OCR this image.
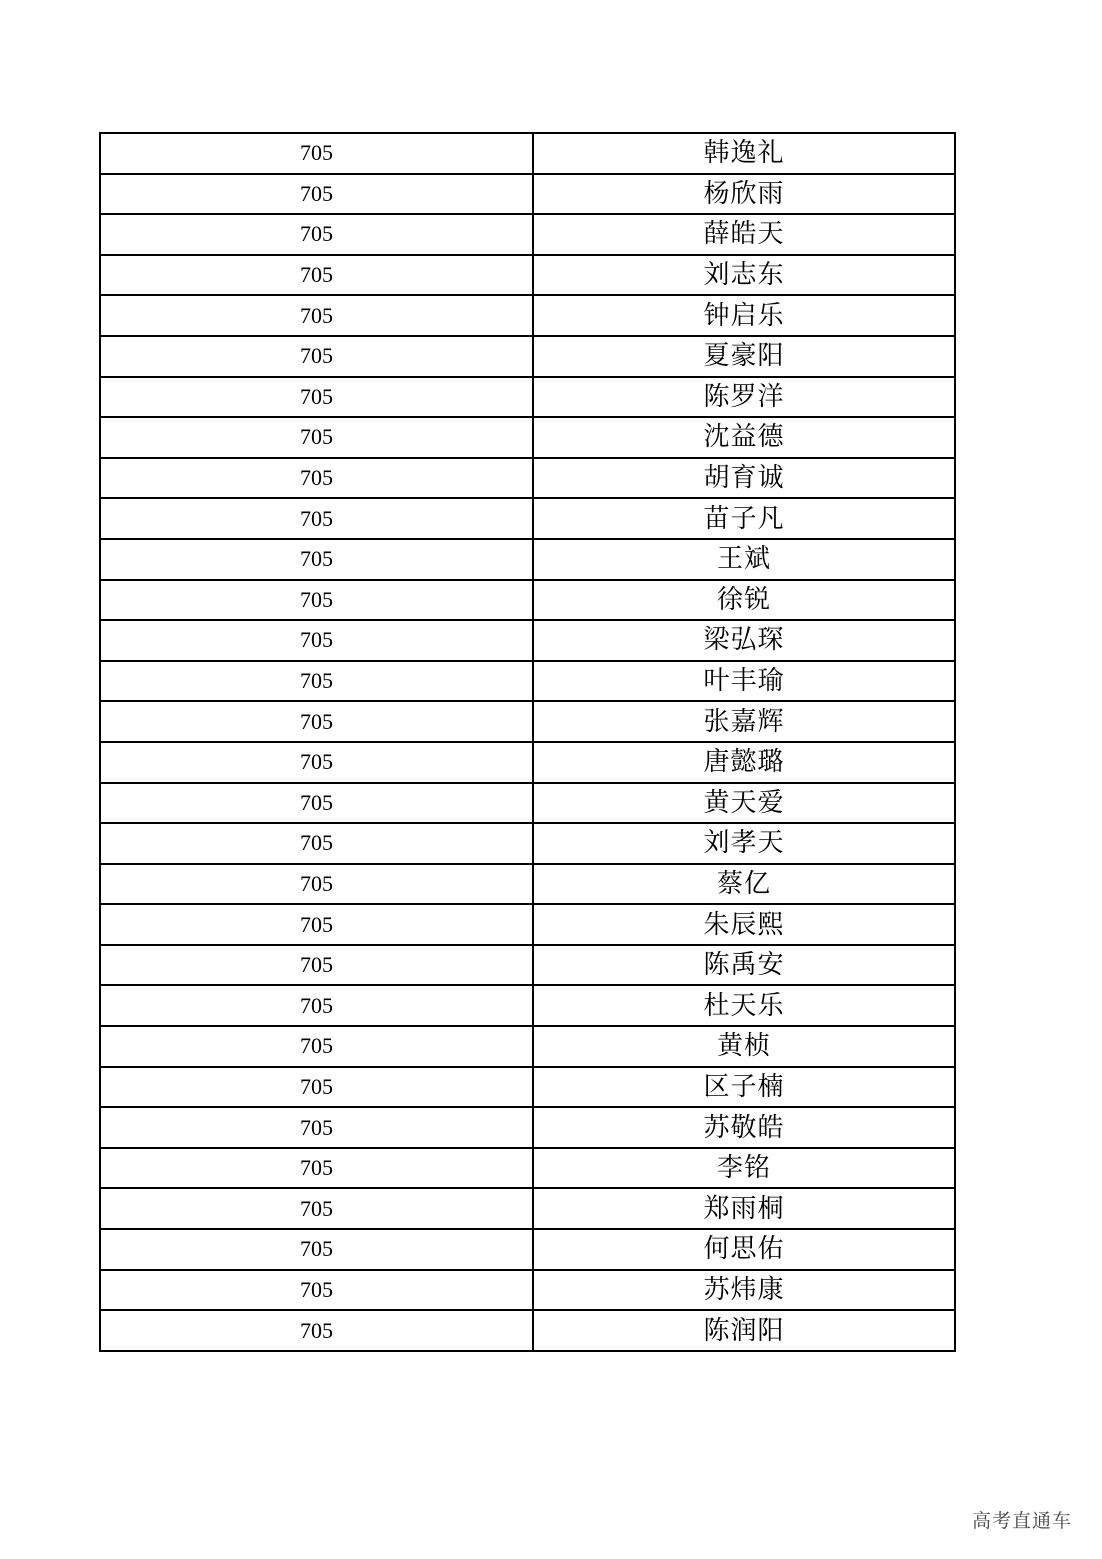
705	韩逸礼
705	杨欣雨
705	薛皓天
705	刘志东
705	钟启乐
705	夏豪阳
705	陈罗洋
705	沈益德
705	胡育诚
705	苗子凡
705	王斌
705	徐锐
705	梁弘琛
705	叶丰瑜
705	张嘉辉
705	唐懿璐
705	黄天爱
705	刘孝天
705	蔡亿
705	朱辰熙
705	陈禹安
705	杜天乐
705	黄桢
705	区子楠
705	苏敬皓
705	李铭
705	郑雨桐
705	何思佑
705	苏炜康
705	陈润阳
高考直通车
